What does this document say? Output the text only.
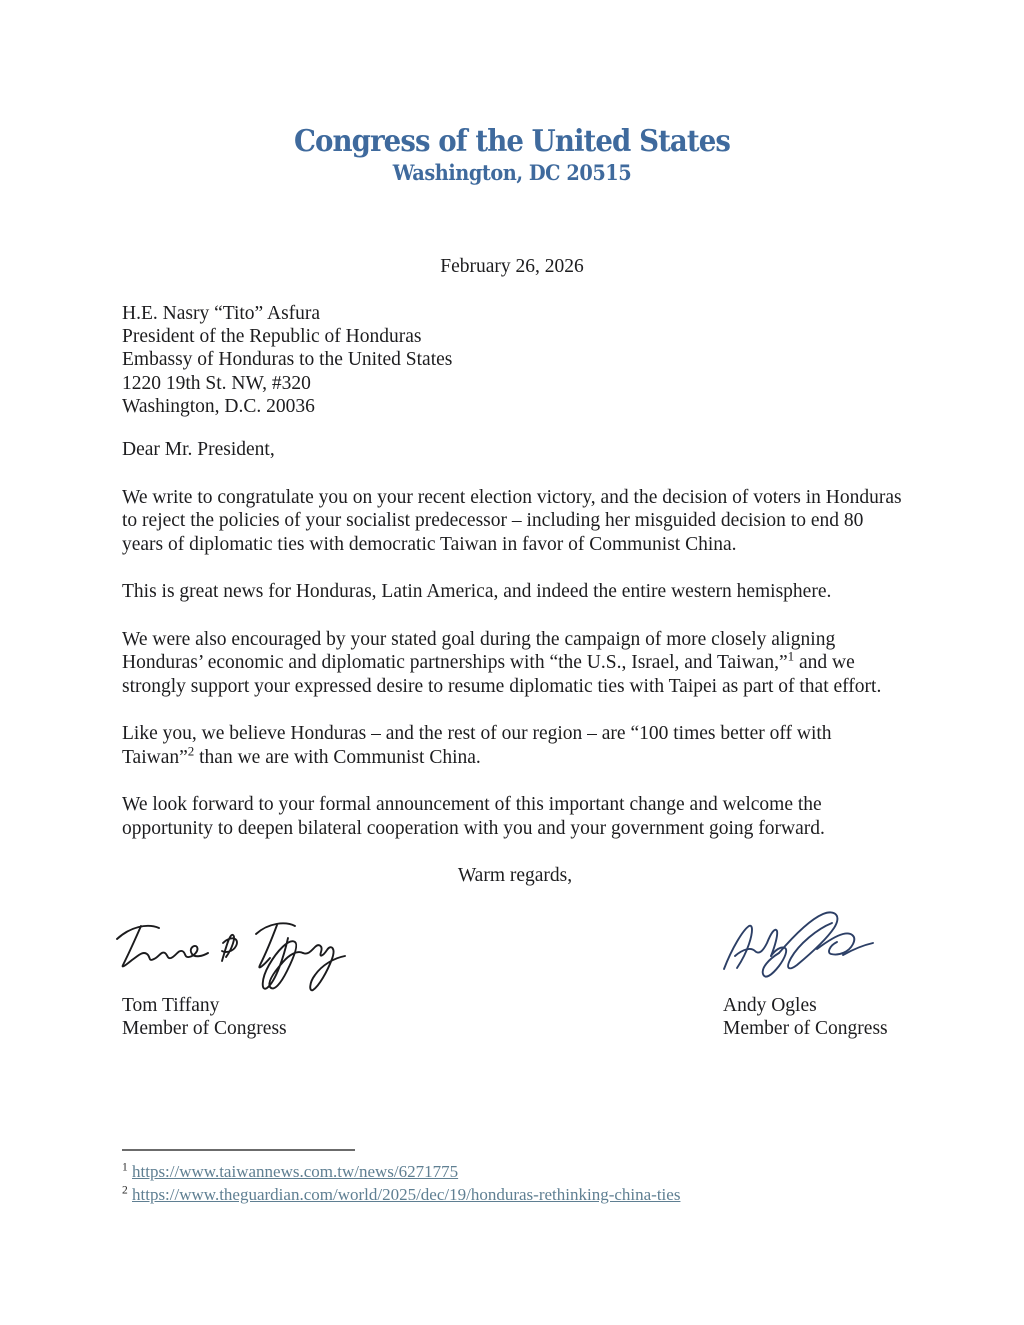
Congress of the United States
Washington, DC 20515
February 26, 2026
H.E. Nasry “Tito” Asfura
President of the Republic of Honduras
Embassy of Honduras to the United States
1220 19th St. NW, #320
Washington, D.C. 20036

Dear Mr. President,

We write to congratulate you on your recent election victory, and the decision of voters in Honduras to reject the policies of your socialist predecessor – including her misguided decision to end 80 years of diplomatic ties with democratic Taiwan in favor of Communist China.

This is great news for Honduras, Latin America, and indeed the entire western hemisphere.

We were also encouraged by your stated goal during the campaign of more closely aligning Honduras’ economic and diplomatic partnerships with “the U.S., Israel, and Taiwan,”$^1$ and we strongly support your expressed desire to resume diplomatic ties with Taipei as part of that effort.

Like you, we believe Honduras – and the rest of our region – are “100 times better off with Taiwan”$^2$ than we are with Communist China.

We look forward to your formal announcement of this important change and welcome the opportunity to deepen bilateral cooperation with you and your government going forward.

Warm regards,

Tom Tiffany
Member of Congress
Andy Ogles
Member of Congress
$^1$ https://www.taiwannews.com.tw/news/6271775
$^2$ https://www.theguardian.com/world/2025/dec/19/honduras-rethinking-china-ties
